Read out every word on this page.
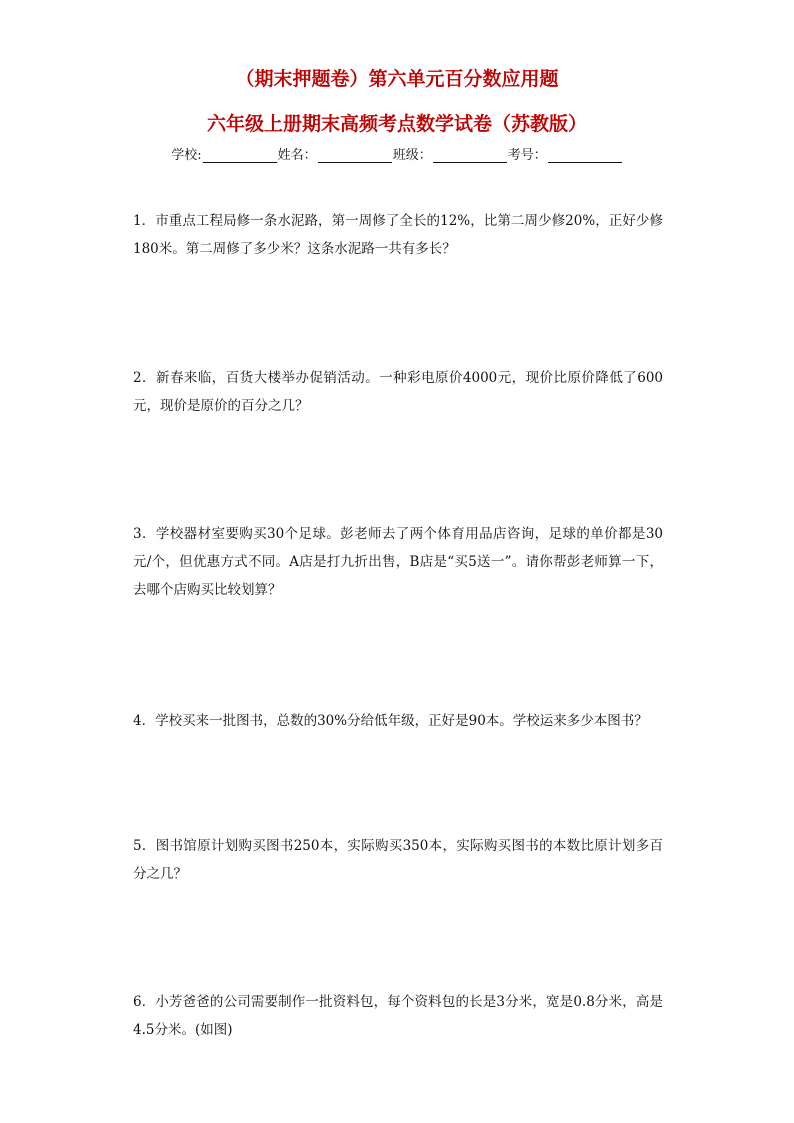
（期末押题卷）第六单元百分数应用题
六年级上册期末高频考点数学试卷（苏教版）
学校:	姓名：	班级：	考号：
1．市重点工程局修一条水泥路，第一周修了全长的12%，比第二周少修20%，正好少修180米。第二周修了多少米？这条水泥路一共有多长？
2．新春来临，百货大楼举办促销活动。一种彩电原价4000元，现价比原价降低了600元，现价是原价的百分之几？
3．学校器材室要购买30个足球。彭老师去了两个体育用品店咨询，足球的单价都是30元/个，但优惠方式不同。A店是打九折出售，B店是“买5送一”。请你帮彭老师算一下，去哪个店购买比较划算？
4．学校买来一批图书，总数的30%分给低年级，正好是90本。学校运来多少本图书？
5．图书馆原计划购买图书250本，实际购买350本，实际购买图书的本数比原计划多百分之几？
6．小芳爸爸的公司需要制作一批资料包，每个资料包的长是3分米，宽是0.8分米，高是4.5分米。(如图)
